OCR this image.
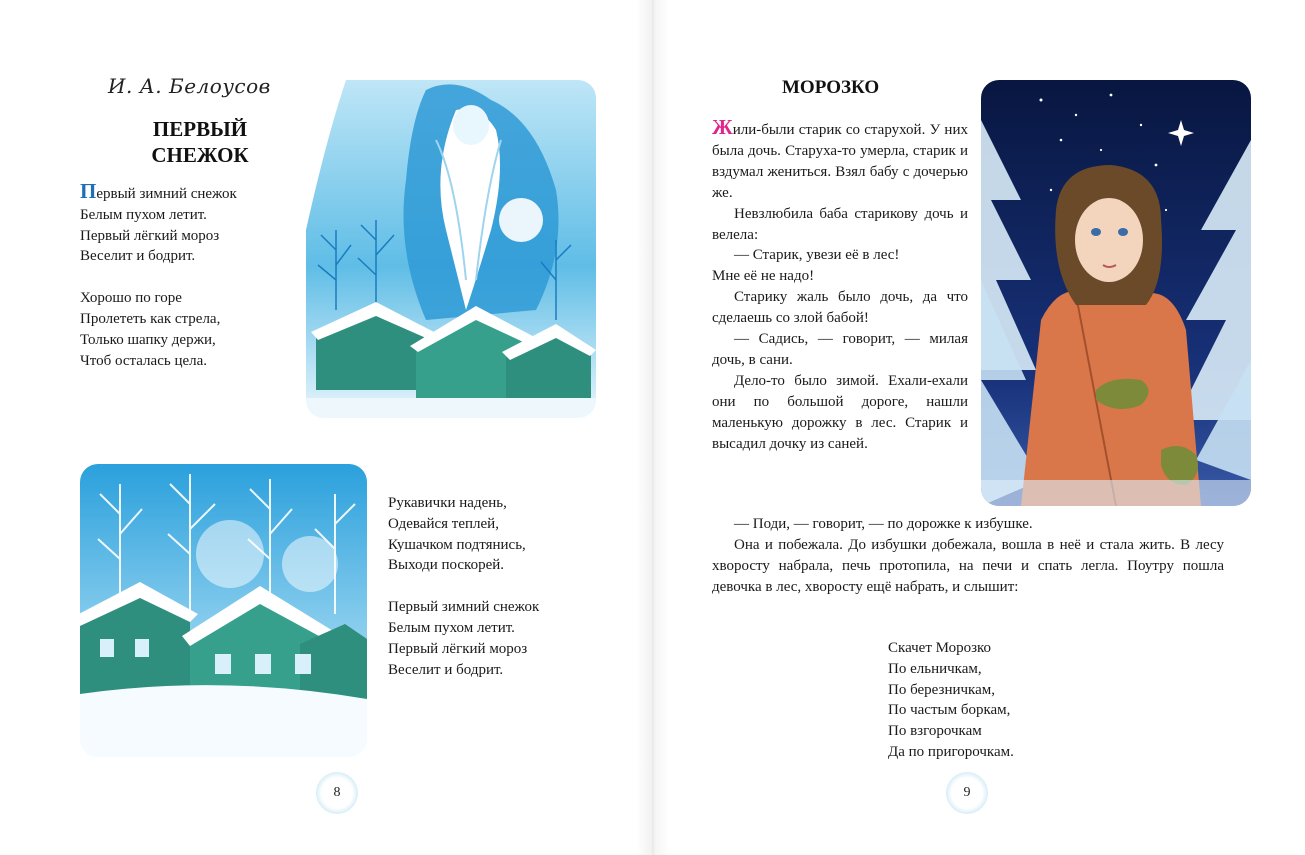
И. А. Белоусов
ПЕРВЫЙ
СНЕЖОК
Первый зимний снежок
Белым пухом летит.
Первый лёгкий мороз
Веселит и бодрит.
Хорошо по горе
Пролететь как стрела,
Только шапку держи,
Чтоб осталась цела.
Рукавички надень,
Одевайся теплей,
Кушачком подтянись,
Выходи поскорей.
Первый зимний снежок
Белым пухом летит.
Первый лёгкий мороз
Веселит и бодрит.
8
МОРОЗКО

Жили-были старик со старухой. У них была дочь. Старуха-то умерла, старик и вздумал жениться. Взял бабу с дочерью же.

Невзлюбила баба старикову дочь и велела:

— Старик, увези её в лес!

Мне её не надо!

Старику жаль было дочь, да что сделаешь со злой бабой!

— Садись, — говорит, — милая дочь, в сани.

Дело-то было зимой. Ехали-ехали они по большой дороге, нашли маленькую дорожку в лес. Старик и высадил дочку из саней.

— Поди, — говорит, — по дорожке к избушке.

Она и побежала. До избушки добежала, вошла в неё и стала жить. В лесу хворосту набрала, печь протопила, на печи и спать легла. Поутру пошла девочка в лес, хворосту ещё набрать, и слышит:

Скачет Морозко
По ельничкам,
По березничкам,
По частым боркам,
По взгорочкам
Да по пригорочкам.
9
